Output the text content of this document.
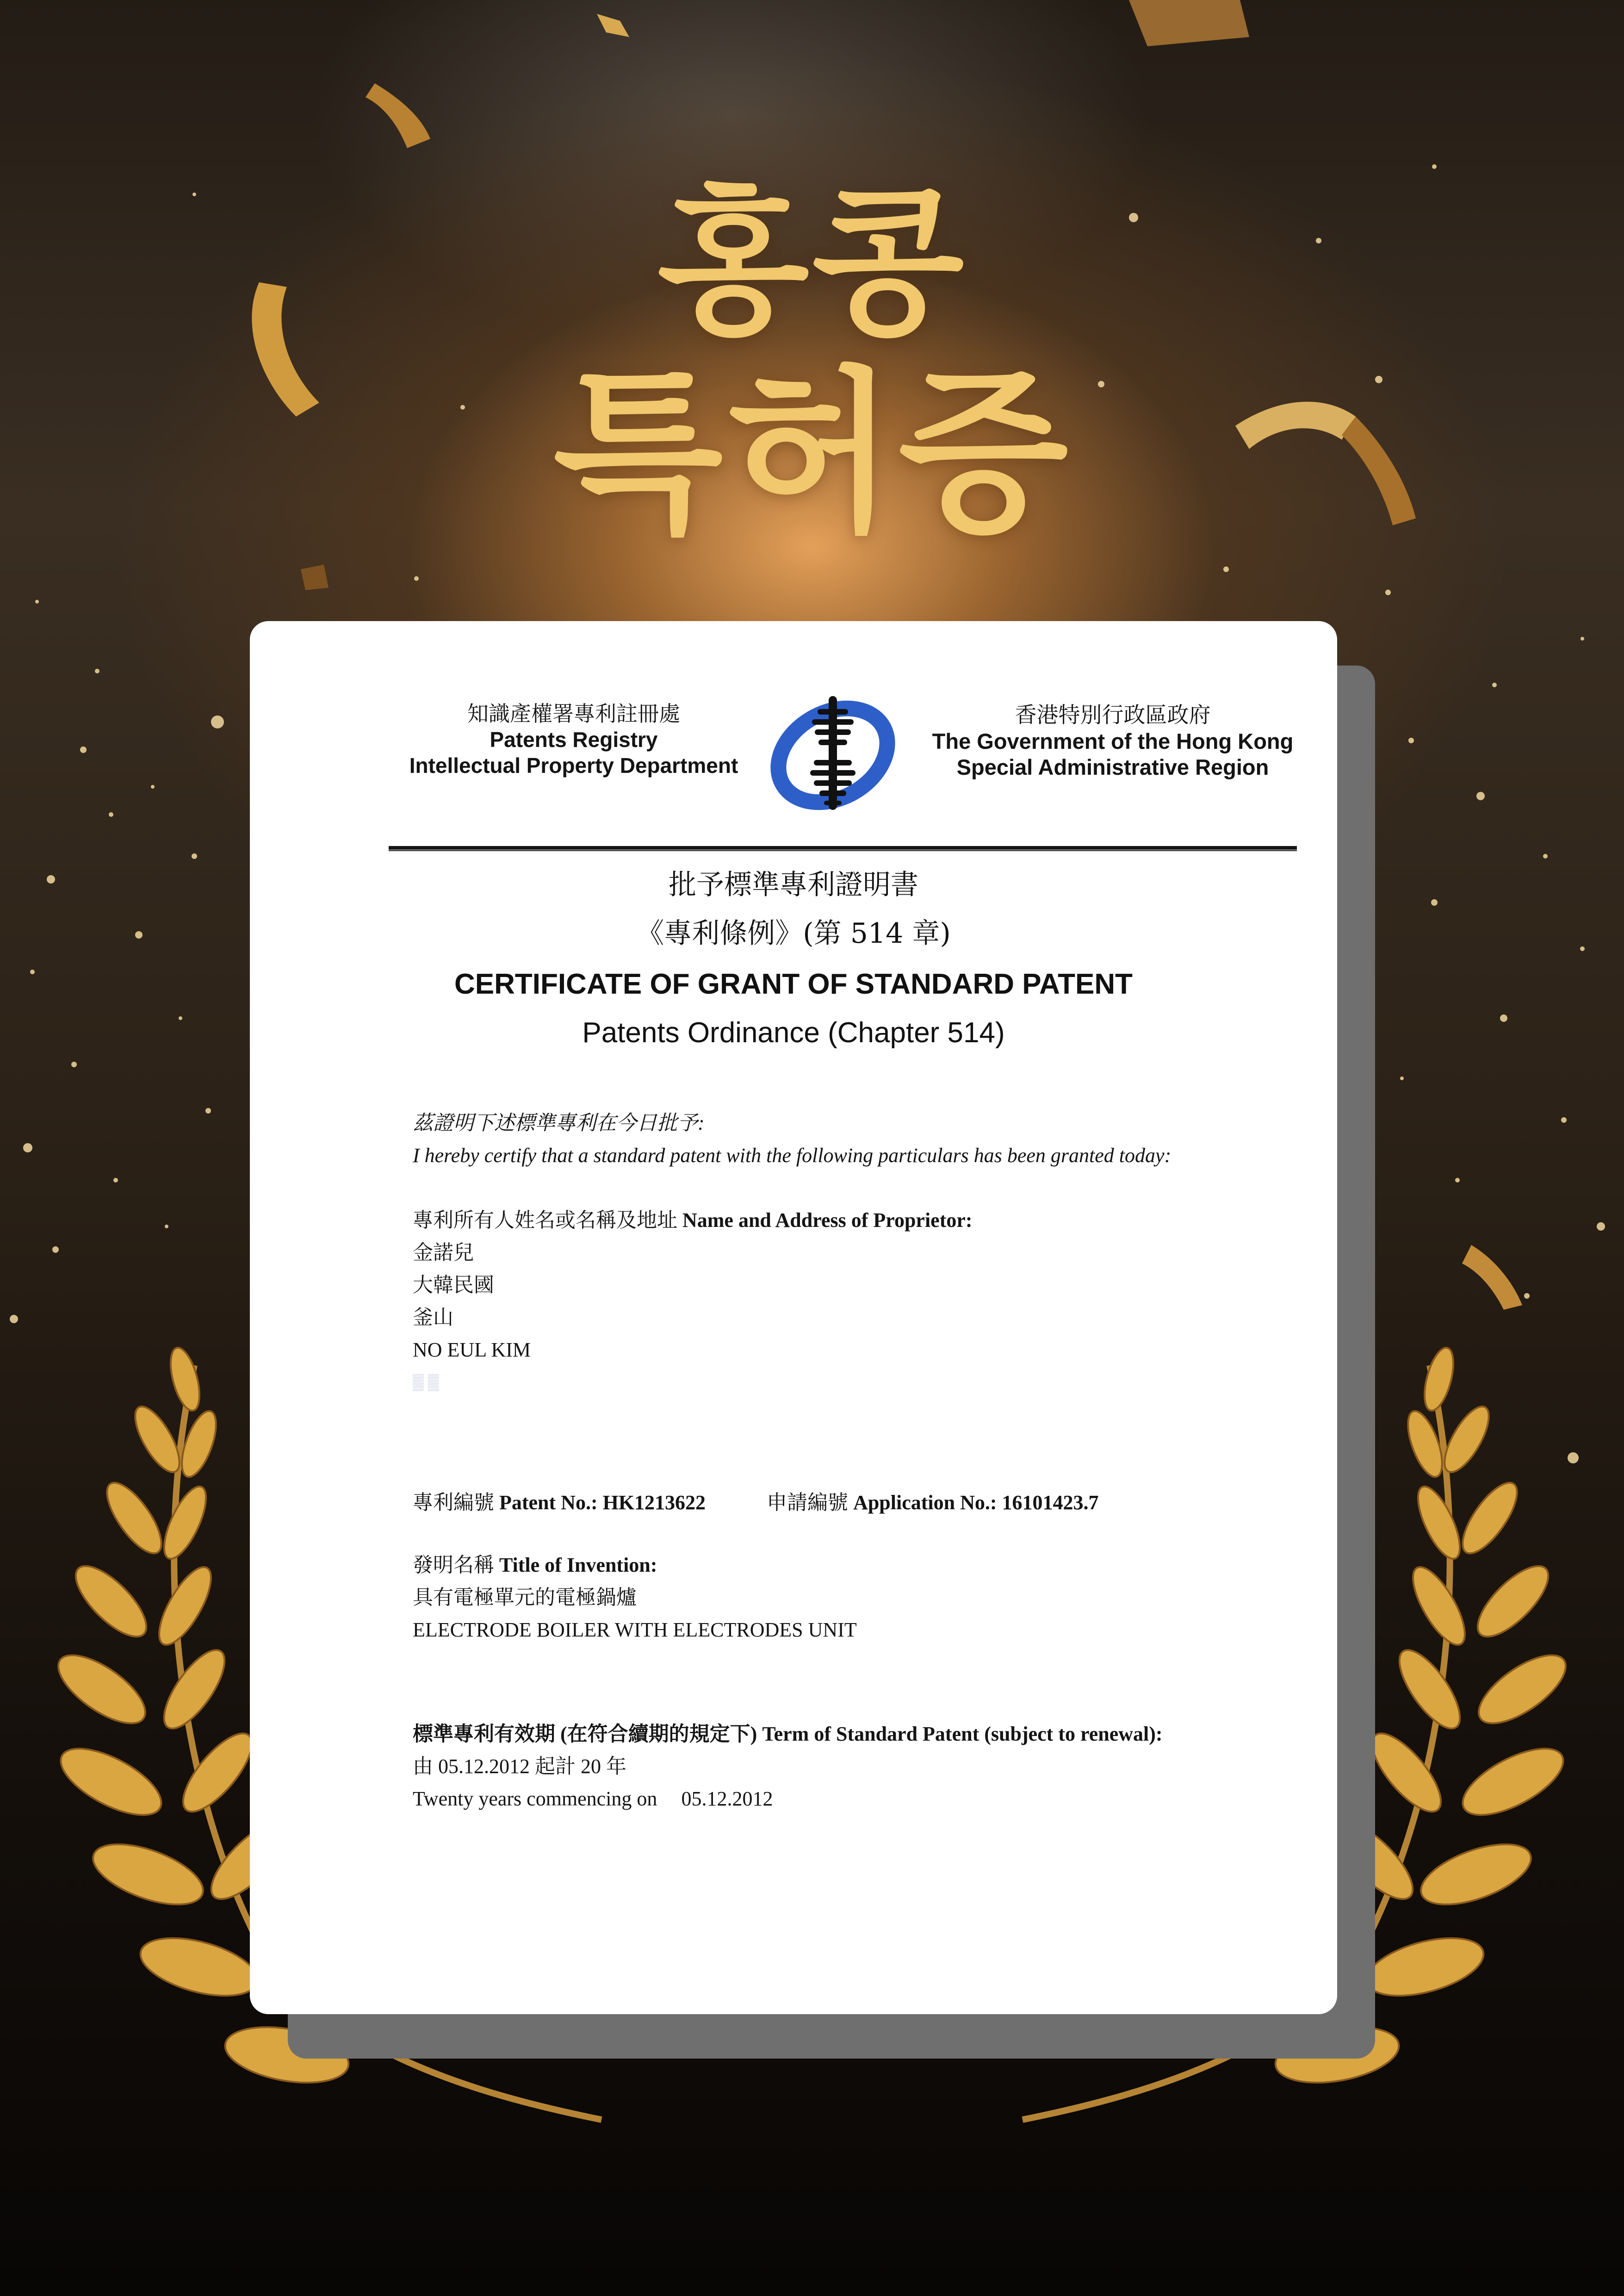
홍콩
특허증
知識產權署專利註冊處
Patents Registry
Intellectual Property Department
香港特別行政區政府
The Government of the Hong Kong
Special Administrative Region
批予標準專利證明書
《專利條例》(第 514 章)
CERTIFICATE OF GRANT OF STANDARD PATENT
Patents Ordinance (Chapter 514)
茲證明下述標準專利在今日批予:
I hereby certify that a standard patent with the following particulars has been granted today:
專利所有人姓名或名稱及地址 Name and Address of Proprietor:
金諾兒
大韓民國
釜山
NO EUL KIM
▒ ▒
專利編號 Patent No.: HK1213622	申請編號 Application No.: 16101423.7
發明名稱 Title of Invention:
具有電極單元的電極鍋爐
ELECTRODE BOILER WITH ELECTRODES UNIT
標準專利有效期 (在符合續期的規定下) Term of Standard Patent (subject to renewal):
由 05.12.2012 起計 20 年
Twenty years commencing on 05.12.2012
